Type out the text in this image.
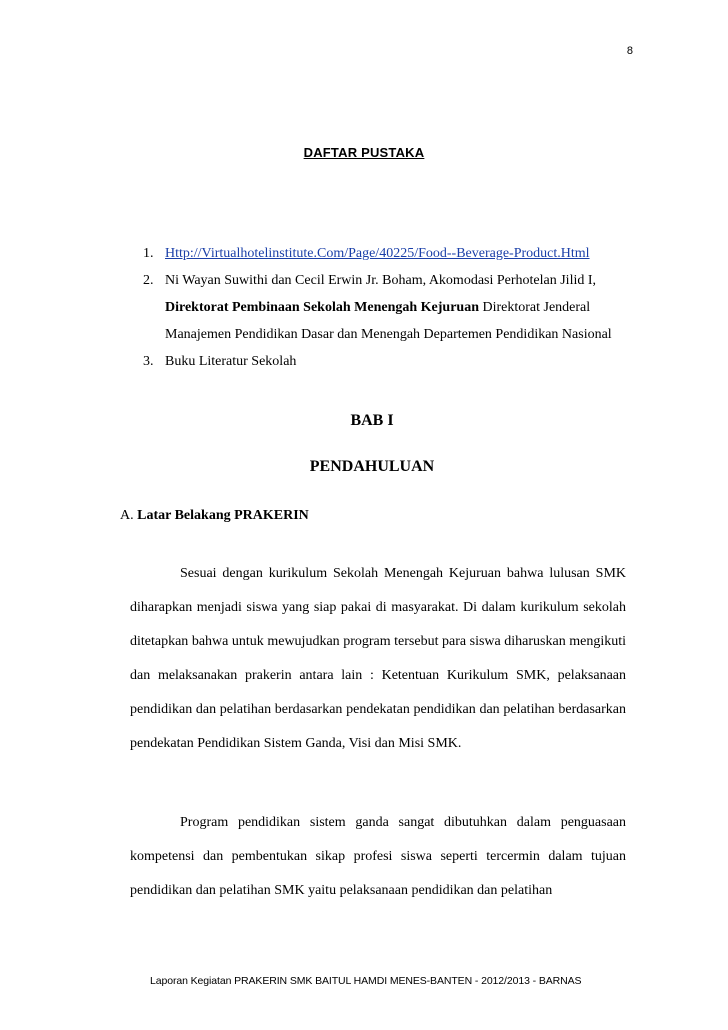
8
DAFTAR PUSTAKA
1. Http://Virtualhotelinstitute.Com/Page/40225/Food--Beverage-Product.Html
2. Ni Wayan Suwithi dan Cecil Erwin Jr. Boham, Akomodasi Perhotelan Jilid I, Direktorat Pembinaan Sekolah Menengah Kejuruan Direktorat Jenderal Manajemen Pendidikan Dasar dan Menengah Departemen Pendidikan Nasional
3. Buku Literatur Sekolah
BAB I
PENDAHULUAN
A. Latar Belakang PRAKERIN

Sesuai dengan kurikulum Sekolah Menengah Kejuruan bahwa lulusan SMK diharapkan menjadi siswa yang siap pakai di masyarakat. Di dalam kurikulum sekolah ditetapkan bahwa untuk mewujudkan program tersebut para siswa diharuskan mengikuti dan melaksanakan prakerin antara lain : Ketentuan Kurikulum SMK, pelaksanaan pendidikan dan pelatihan berdasarkan pendekatan pendidikan dan pelatihan berdasarkan pendekatan Pendidikan Sistem Ganda, Visi dan Misi SMK.

Program pendidikan sistem ganda sangat dibutuhkan dalam penguasaan kompetensi dan pembentukan sikap profesi siswa seperti tercermin dalam tujuan pendidikan dan pelatihan SMK yaitu pelaksanaan pendidikan dan pelatihan

Laporan Kegiatan PRAKERIN SMK BAITUL HAMDI MENES-BANTEN - 2012/2013 - BARNAS
